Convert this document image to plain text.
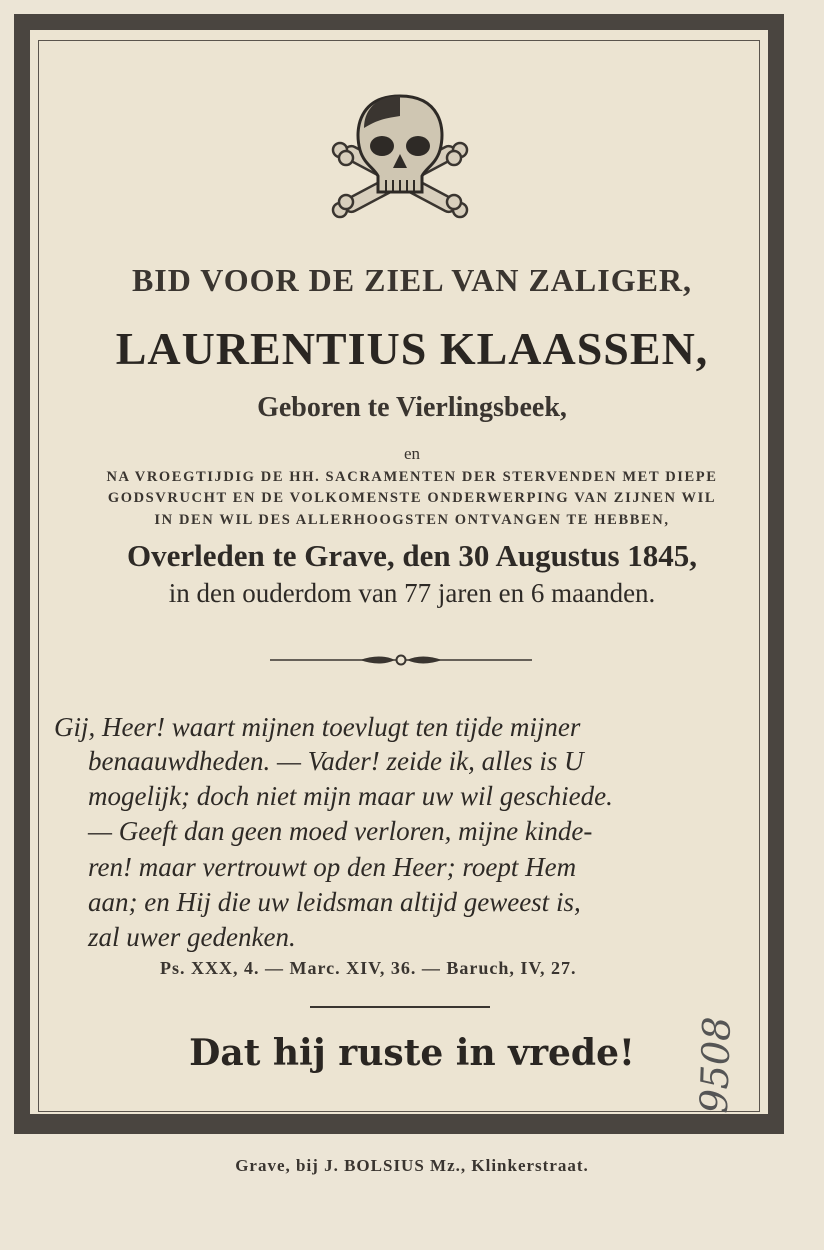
BID VOOR DE ZIEL VAN ZALIGER,
LAURENTIUS KLAASSEN,
Geboren te Vierlingsbeek,
en
NA VROEGTIJDIG DE HH. SACRAMENTEN DER STERVENDEN MET DIEPE
GODSVRUCHT EN DE VOLKOMENSTE ONDERWERPING VAN ZIJNEN WIL
IN DEN WIL DES ALLERHOOGSTEN ONTVANGEN TE HEBBEN,
Overleden te Grave, den 30 Augustus 1845,
in den ouderdom van 77 jaren en 6 maanden.
Gij, Heer! waart mijnen toevlugt ten tijde mijner
benaauwdheden. — Vader! zeide ik, alles is U
mogelijk; doch niet mijn maar uw wil geschiede.
— Geeft dan geen moed verloren, mijne kinde-
ren! maar vertrouwt op den Heer; roept Hem
aan; en Hij die uw leidsman altijd geweest is,
zal uwer gedenken.
Ps. XXX, 4. — Marc. XIV, 36. — Baruch, IV, 27.
Dat hij ruste in vrede!	9508
Grave, bij J. BOLSIUS Mz., Klinkerstraat.
